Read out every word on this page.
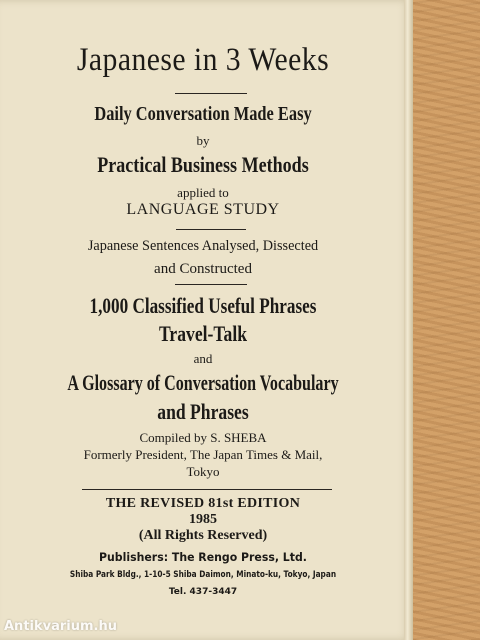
Japanese in 3 Weeks
Daily Conversation Made Easy
by
Practical Business Methods
applied to
LANGUAGE STUDY
Japanese Sentences Analysed, Dissected
and Constructed
1,000 Classified Useful Phrases
Travel-Talk
and
A Glossary of Conversation Vocabulary
and Phrases
Compiled by S. SHEBA
Formerly President, The Japan Times & Mail,
Tokyo
THE REVISED 81st EDITION
1985
(All Rights Reserved)
Publishers: The Rengo Press, Ltd.
Shiba Park Bldg., 1-10-5 Shiba Daimon, Minato-ku, Tokyo, Japan
Tel. 437-3447
Antikvarium.hu
